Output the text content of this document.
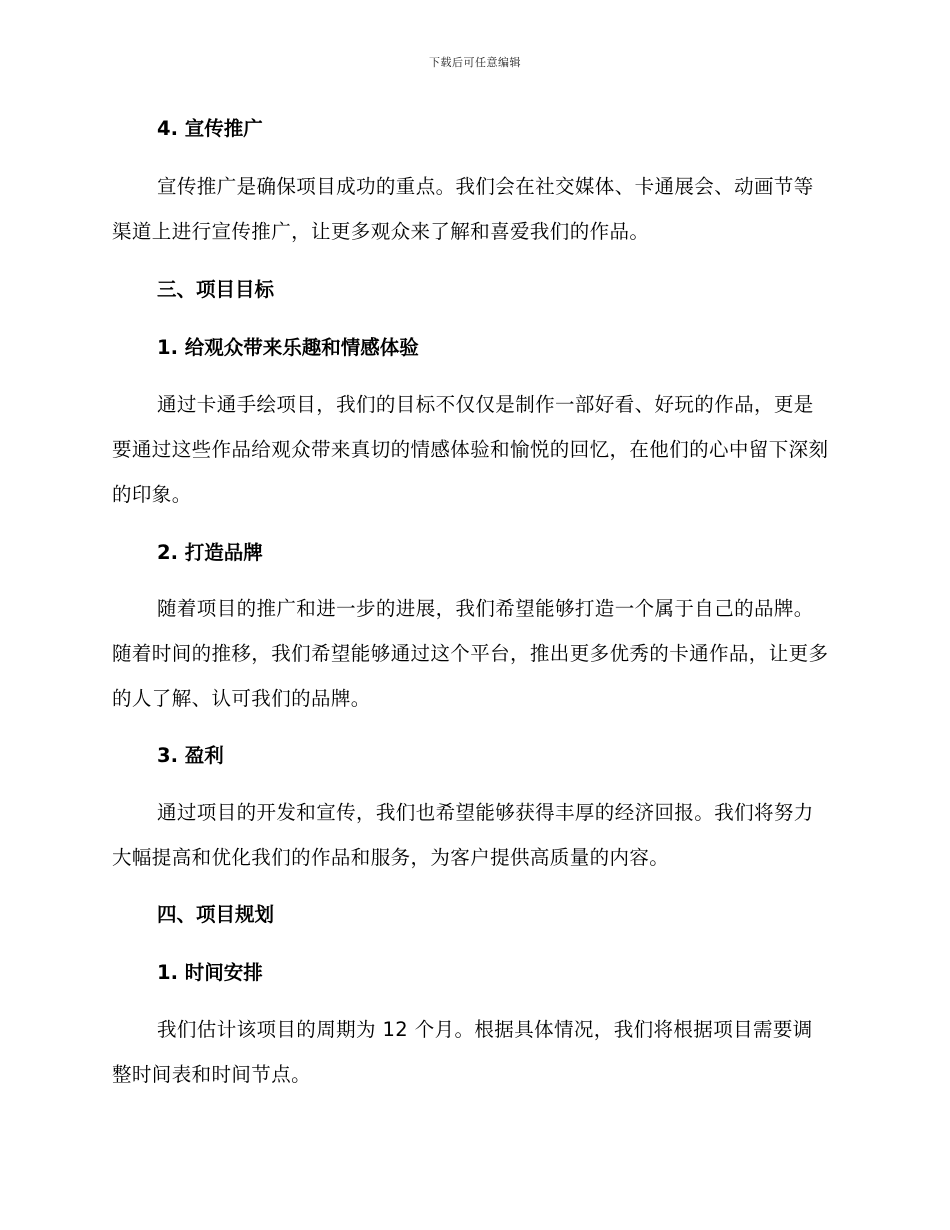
下载后可任意编辑
4. 宣传推广
宣传推广是确保项目成功的重点。我们会在社交媒体、卡通展会、动画节等渠道上进行宣传推广，让更多观众来了解和喜爱我们的作品。
三、项目目标
1. 给观众带来乐趣和情感体验
通过卡通手绘项目，我们的目标不仅仅是制作一部好看、好玩的作品，更是要通过这些作品给观众带来真切的情感体验和愉悦的回忆，在他们的心中留下深刻的印象。
2. 打造品牌
随着项目的推广和进一步的进展，我们希望能够打造一个属于自己的品牌。随着时间的推移，我们希望能够通过这个平台，推出更多优秀的卡通作品，让更多的人了解、认可我们的品牌。
3. 盈利
通过项目的开发和宣传，我们也希望能够获得丰厚的经济回报。我们将努力大幅提高和优化我们的作品和服务，为客户提供高质量的内容。
四、项目规划
1. 时间安排
我们估计该项目的周期为 12 个月。根据具体情况，我们将根据项目需要调整时间表和时间节点。
